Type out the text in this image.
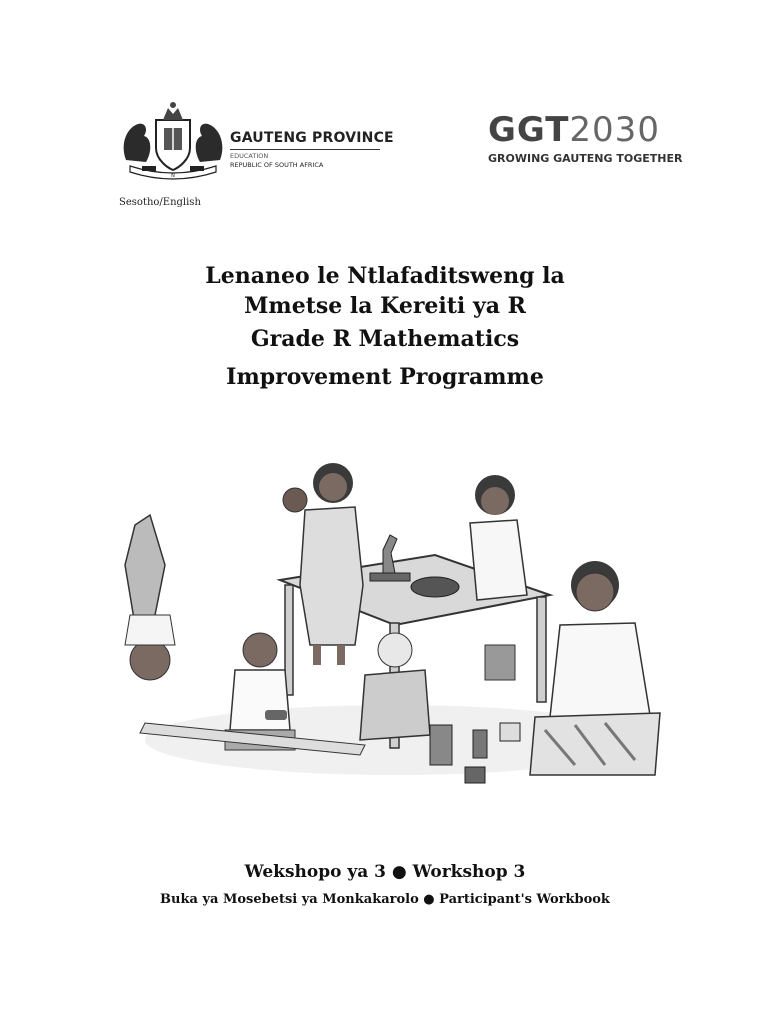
N
GAUTENG PROVINCE
EDUCATION
REPUBLIC OF SOUTH AFRICA
GGT2030
GROWING GAUTENG TOGETHER
Sesotho/English
Lenaneo le Ntlafaditsweng la
Mmetse la Kereiti ya R
Grade R Mathematics
Improvement Programme
Wekshopo ya 3 ● Workshop 3
Buka ya Mosebetsi ya Monkakarolo ● Participant's Workbook
